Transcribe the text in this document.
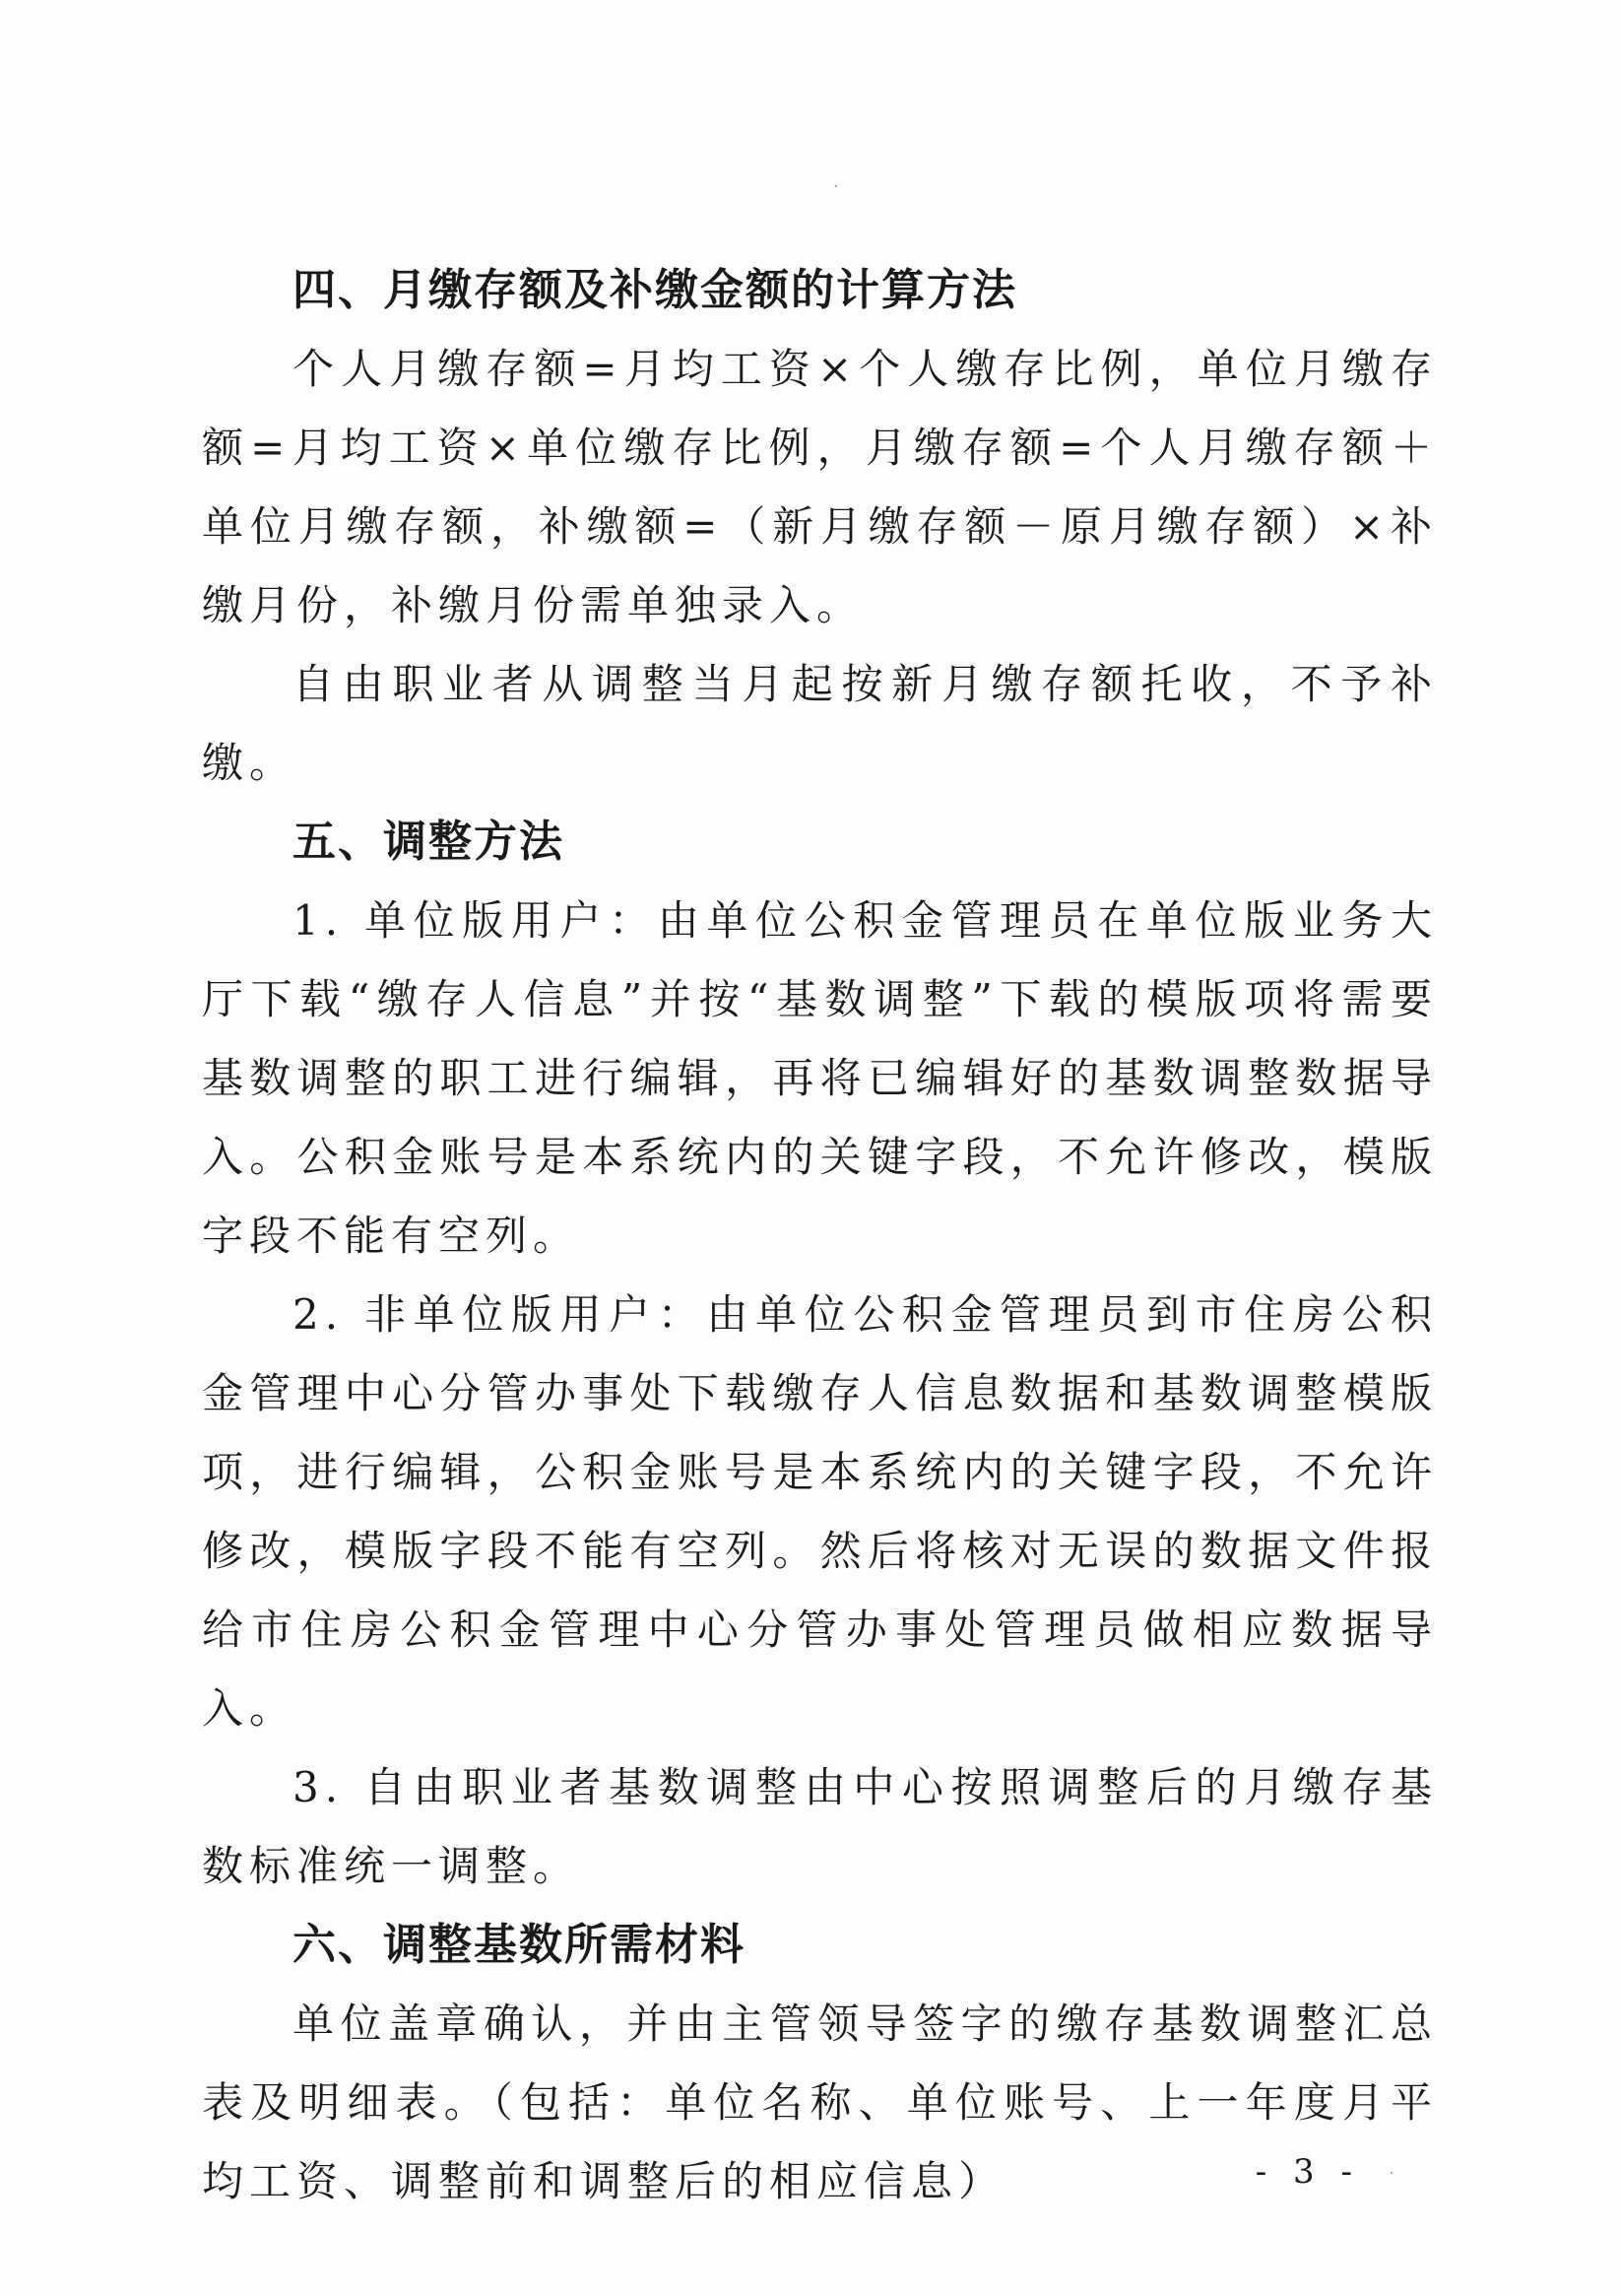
四、月缴存额及补缴金额的计算方法

个人月缴存额=月均工资×个人缴存比例，单位月缴存额=月均工资×单位缴存比例，月缴存额=个人月缴存额＋单位月缴存额，补缴额=（新月缴存额－原月缴存额）×补缴月份，补缴月份需单独录入。

自由职业者从调整当月起按新月缴存额托收，不予补缴。

五、调整方法

1. 单位版用户：由单位公积金管理员在单位版业务大厅下载“缴存人信息”并按“基数调整”下载的模版项将需要基数调整的职工进行编辑，再将已编辑好的基数调整数据导入。公积金账号是本系统内的关键字段，不允许修改，模版字段不能有空列。

2. 非单位版用户：由单位公积金管理员到市住房公积金管理中心分管办事处下载缴存人信息数据和基数调整模版项，进行编辑，公积金账号是本系统内的关键字段，不允许修改，模版字段不能有空列。然后将核对无误的数据文件报给市住房公积金管理中心分管办事处管理员做相应数据导入。

3. 自由职业者基数调整由中心按照调整后的月缴存基数标准统一调整。

六、调整基数所需材料

单位盖章确认，并由主管领导签字的缴存基数调整汇总表及明细表。（包括：单位名称、单位账号、上一年度月平均工资、调整前和调整后的相应信息）	- 3 -
